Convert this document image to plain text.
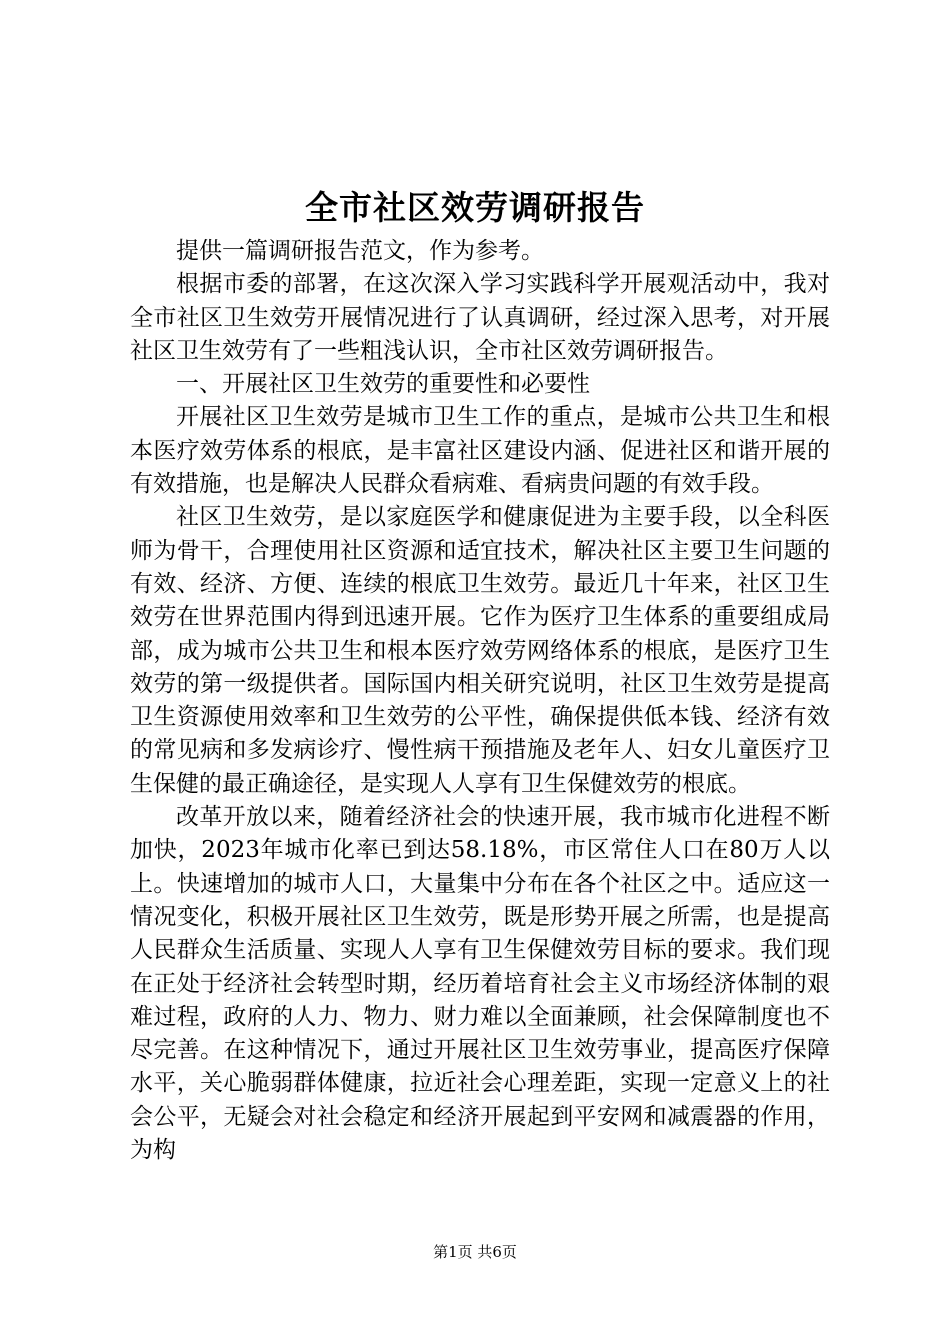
全市社区效劳调研报告

提供一篇调研报告范文，作为参考。

根据市委的部署，在这次深入学习实践科学开展观活动中，我对全市社区卫生效劳开展情况进行了认真调研，经过深入思考，对开展社区卫生效劳有了一些粗浅认识，全市社区效劳调研报告。

一、开展社区卫生效劳的重要性和必要性

开展社区卫生效劳是城市卫生工作的重点，是城市公共卫生和根本医疗效劳体系的根底，是丰富社区建设内涵、促进社区和谐开展的有效措施，也是解决人民群众看病难、看病贵问题的有效手段。

社区卫生效劳，是以家庭医学和健康促进为主要手段，以全科医师为骨干，合理使用社区资源和适宜技术，解决社区主要卫生问题的有效、经济、方便、连续的根底卫生效劳。最近几十年来，社区卫生效劳在世界范围内得到迅速开展。它作为医疗卫生体系的重要组成局部，成为城市公共卫生和根本医疗效劳网络体系的根底，是医疗卫生效劳的第一级提供者。国际国内相关研究说明，社区卫生效劳是提高卫生资源使用效率和卫生效劳的公平性，确保提供低本钱、经济有效的常见病和多发病诊疗、慢性病干预措施及老年人、妇女儿童医疗卫生保健的最正确途径，是实现人人享有卫生保健效劳的根底。

改革开放以来，随着经济社会的快速开展，我市城市化进程不断加快，2023年城市化率已到达58.18%，市区常住人口在80万人以上。快速增加的城市人口，大量集中分布在各个社区之中。适应这一情况变化，积极开展社区卫生效劳，既是形势开展之所需，也是提高人民群众生活质量、实现人人享有卫生保健效劳目标的要求。我们现在正处于经济社会转型时期，经历着培育社会主义市场经济体制的艰难过程，政府的人力、物力、财力难以全面兼顾，社会保障制度也不尽完善。在这种情况下，通过开展社区卫生效劳事业，提高医疗保障水平，关心脆弱群体健康，拉近社会心理差距，实现一定意义上的社会公平，无疑会对社会稳定和经济开展起到平安网和减震器的作用，为构

第1页 共6页
